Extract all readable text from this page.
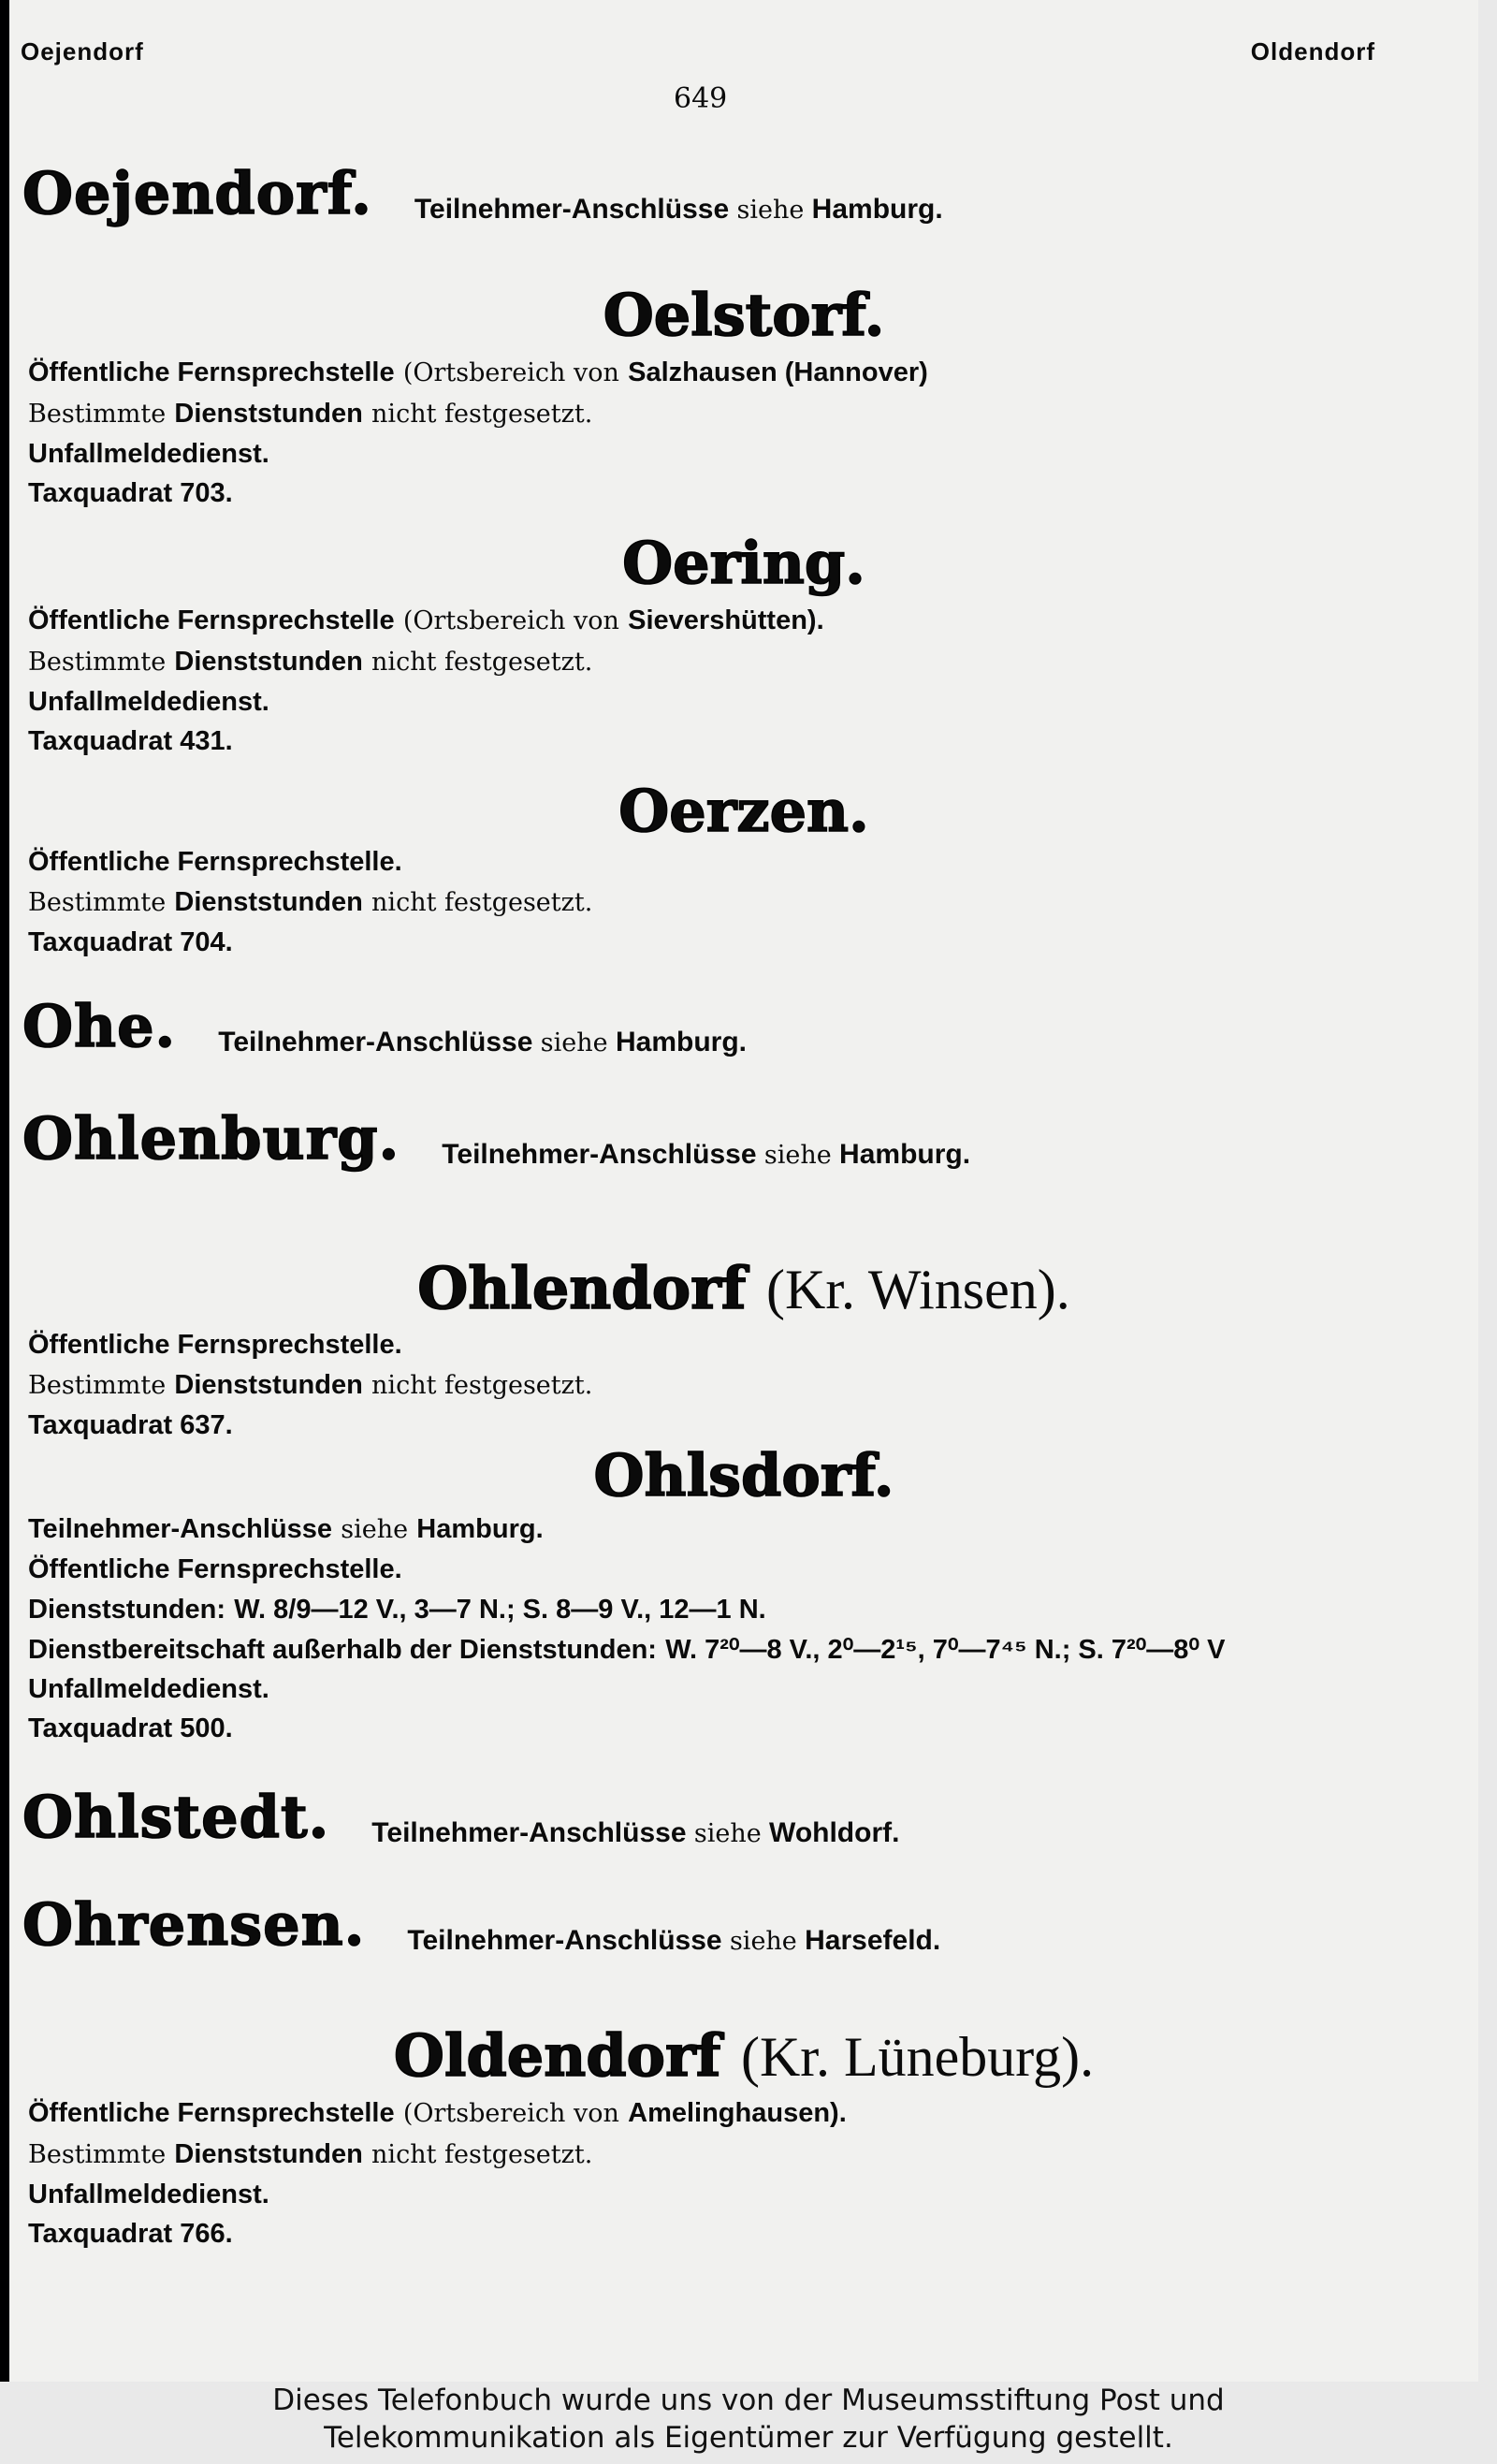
Oejendorf	Oldendorf
649
Oejendorf. Teilnehmer-Anschlüsse siehe Hamburg.
Oelstorf.
Öffentliche Fernsprechstelle (Ortsbereich von Salzhausen (Hannover)
Bestimmte Dienststunden nicht festgesetzt.
Unfallmeldedienst.
Taxquadrat 703.
Oering.
Öffentliche Fernsprechstelle (Ortsbereich von Sievershütten).
Bestimmte Dienststunden nicht festgesetzt.
Unfallmeldedienst.
Taxquadrat 431.
Oerzen.
Öffentliche Fernsprechstelle.
Bestimmte Dienststunden nicht festgesetzt.
Taxquadrat 704.
Ohe. Teilnehmer-Anschlüsse siehe Hamburg.
Ohlenburg. Teilnehmer-Anschlüsse siehe Hamburg.
Ohlendorf (Kr. Winsen).
Öffentliche Fernsprechstelle.
Bestimmte Dienststunden nicht festgesetzt.
Taxquadrat 637.
Ohlsdorf.
Teilnehmer-Anschlüsse siehe Hamburg.
Öffentliche Fernsprechstelle.
Dienststunden: W. 8/9—12 V., 3—7 N.; S. 8—9 V., 12—1 N.
Dienstbereitschaft außerhalb der Dienststunden: W. 7²⁰—8 V., 2⁰—2¹⁵, 7⁰—7⁴⁵ N.; S. 7²⁰—8⁰ V
Unfallmeldedienst.
Taxquadrat 500.
Ohlstedt. Teilnehmer-Anschlüsse siehe Wohldorf.
Ohrensen. Teilnehmer-Anschlüsse siehe Harsefeld.
Oldendorf (Kr. Lüneburg).
Öffentliche Fernsprechstelle (Ortsbereich von Amelinghausen).
Bestimmte Dienststunden nicht festgesetzt.
Unfallmeldedienst.
Taxquadrat 766.
Dieses Telefonbuch wurde uns von der Museumsstiftung Post und
Telekommunikation als Eigentümer zur Verfügung gestellt.
